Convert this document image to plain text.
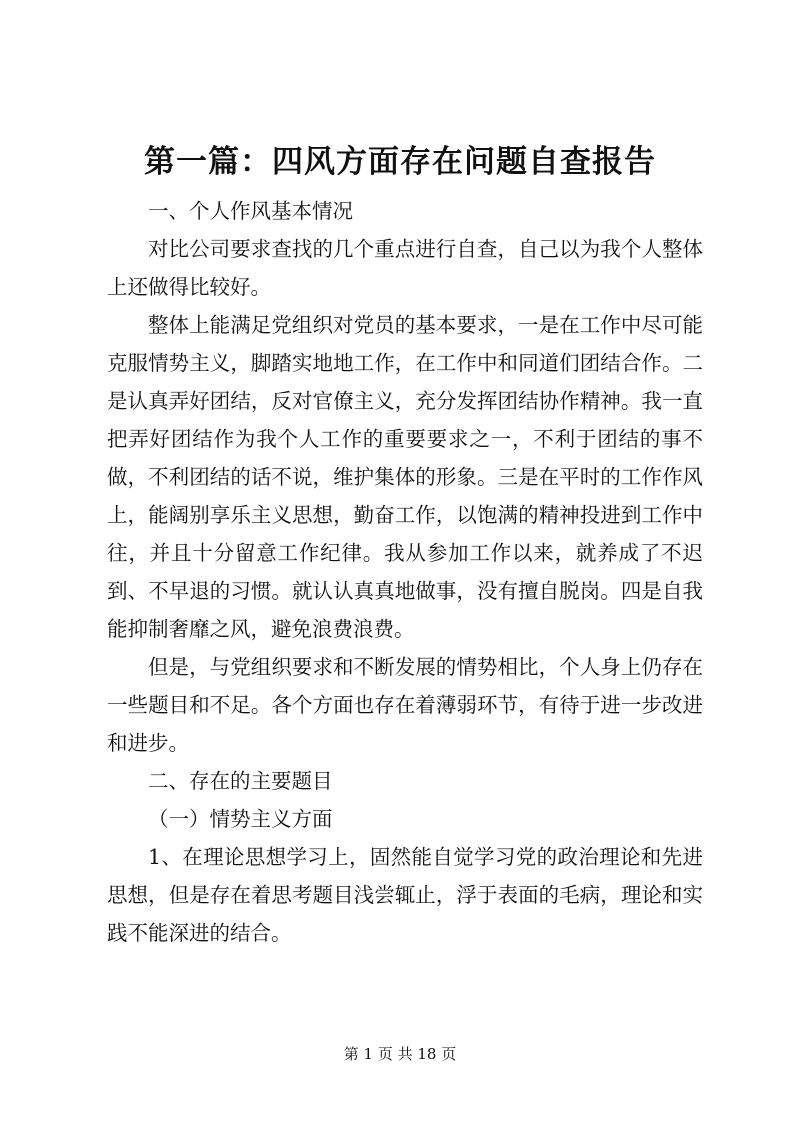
第一篇：四风方面存在问题自查报告

一、个人作风基本情况

对比公司要求查找的几个重点进行自查，自己以为我个人整体上还做得比较好。

整体上能满足党组织对党员的基本要求，一是在工作中尽可能克服情势主义，脚踏实地地工作，在工作中和同道们团结合作。二是认真弄好团结，反对官僚主义，充分发挥团结协作精神。我一直把弄好团结作为我个人工作的重要要求之一，不利于团结的事不做，不利团结的话不说，维护集体的形象。三是在平时的工作作风上，能阔别享乐主义思想，勤奋工作，以饱满的精神投进到工作中往，并且十分留意工作纪律。我从参加工作以来，就养成了不迟到、不早退的习惯。就认认真真地做事，没有擅自脱岗。四是自我能抑制奢靡之风，避免浪费浪费。

但是，与党组织要求和不断发展的情势相比，个人身上仍存在一些题目和不足。各个方面也存在着薄弱环节，有待于进一步改进和进步。

二、存在的主要题目

（一）情势主义方面

1、在理论思想学习上，固然能自觉学习党的政治理论和先进思想，但是存在着思考题目浅尝辄止，浮于表面的毛病，理论和实践不能深进的结合。

第 1 页 共 18 页
